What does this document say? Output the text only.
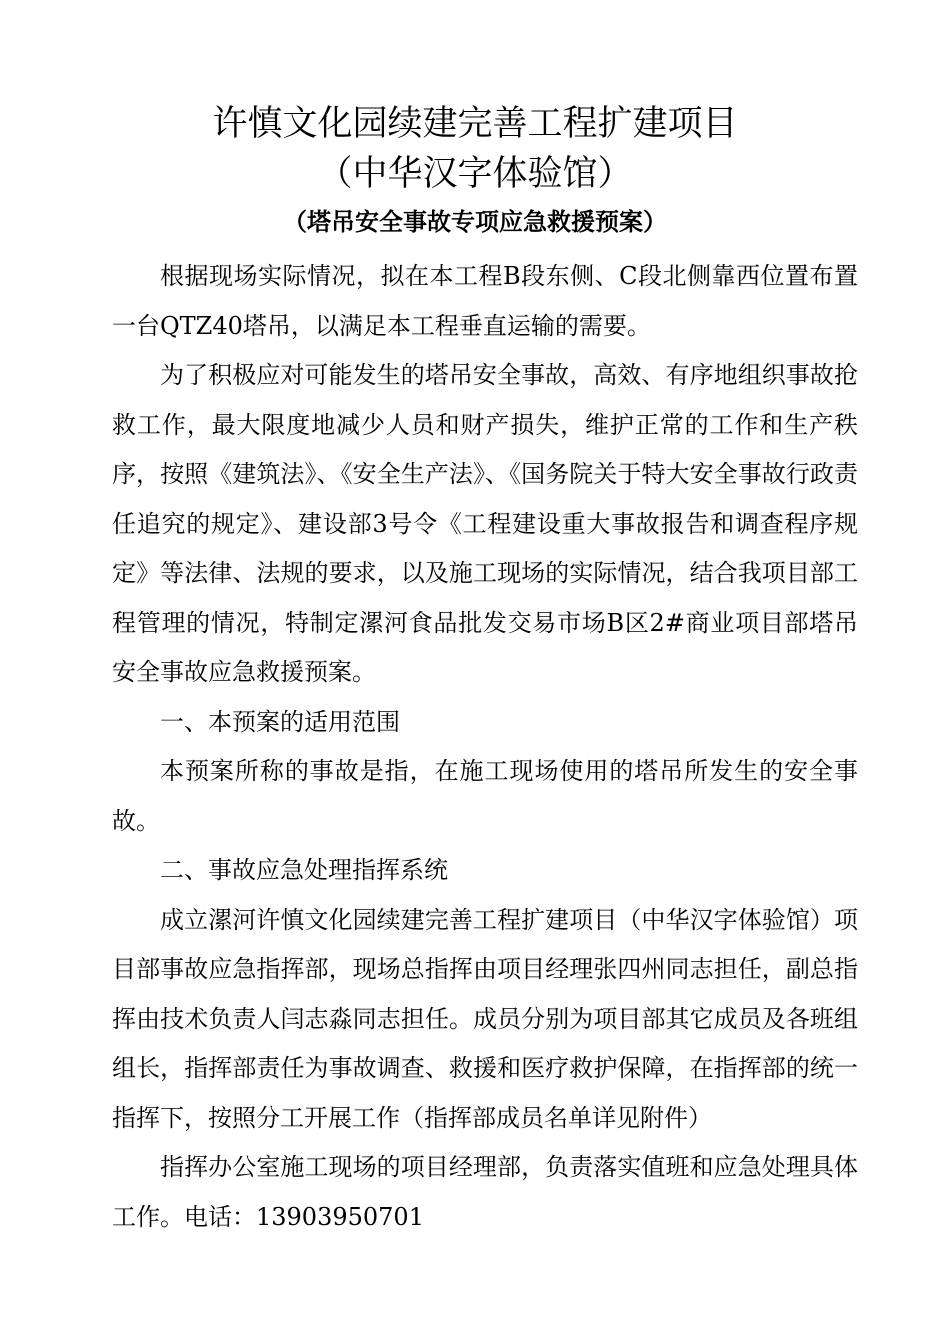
许慎文化园续建完善工程扩建项目
（中华汉字体验馆）
（塔吊安全事故专项应急救援预案）

根据现场实际情况，拟在本工程B段东侧、C段北侧靠西位置布置一台QTZ40塔吊，以满足本工程垂直运输的需要。

为了积极应对可能发生的塔吊安全事故，高效、有序地组织事故抢救工作，最大限度地减少人员和财产损失，维护正常的工作和生产秩序，按照《建筑法》、《安全生产法》、《国务院关于特大安全事故行政责任追究的规定》、建设部3号令《工程建设重大事故报告和调查程序规定》等法律、法规的要求，以及施工现场的实际情况，结合我项目部工程管理的情况，特制定漯河食品批发交易市场B区2#商业项目部塔吊安全事故应急救援预案。

一、本预案的适用范围

本预案所称的事故是指，在施工现场使用的塔吊所发生的安全事故。

二、事故应急处理指挥系统

成立漯河许慎文化园续建完善工程扩建项目（中华汉字体验馆）项目部事故应急指挥部，现场总指挥由项目经理张四州同志担任，副总指挥由技术负责人闫志淼同志担任。成员分别为项目部其它成员及各班组组长，指挥部责任为事故调查、救援和医疗救护保障，在指挥部的统一指挥下，按照分工开展工作（指挥部成员名单详见附件）

指挥办公室施工现场的项目经理部，负责落实值班和应急处理具体工作。电话：13903950701
